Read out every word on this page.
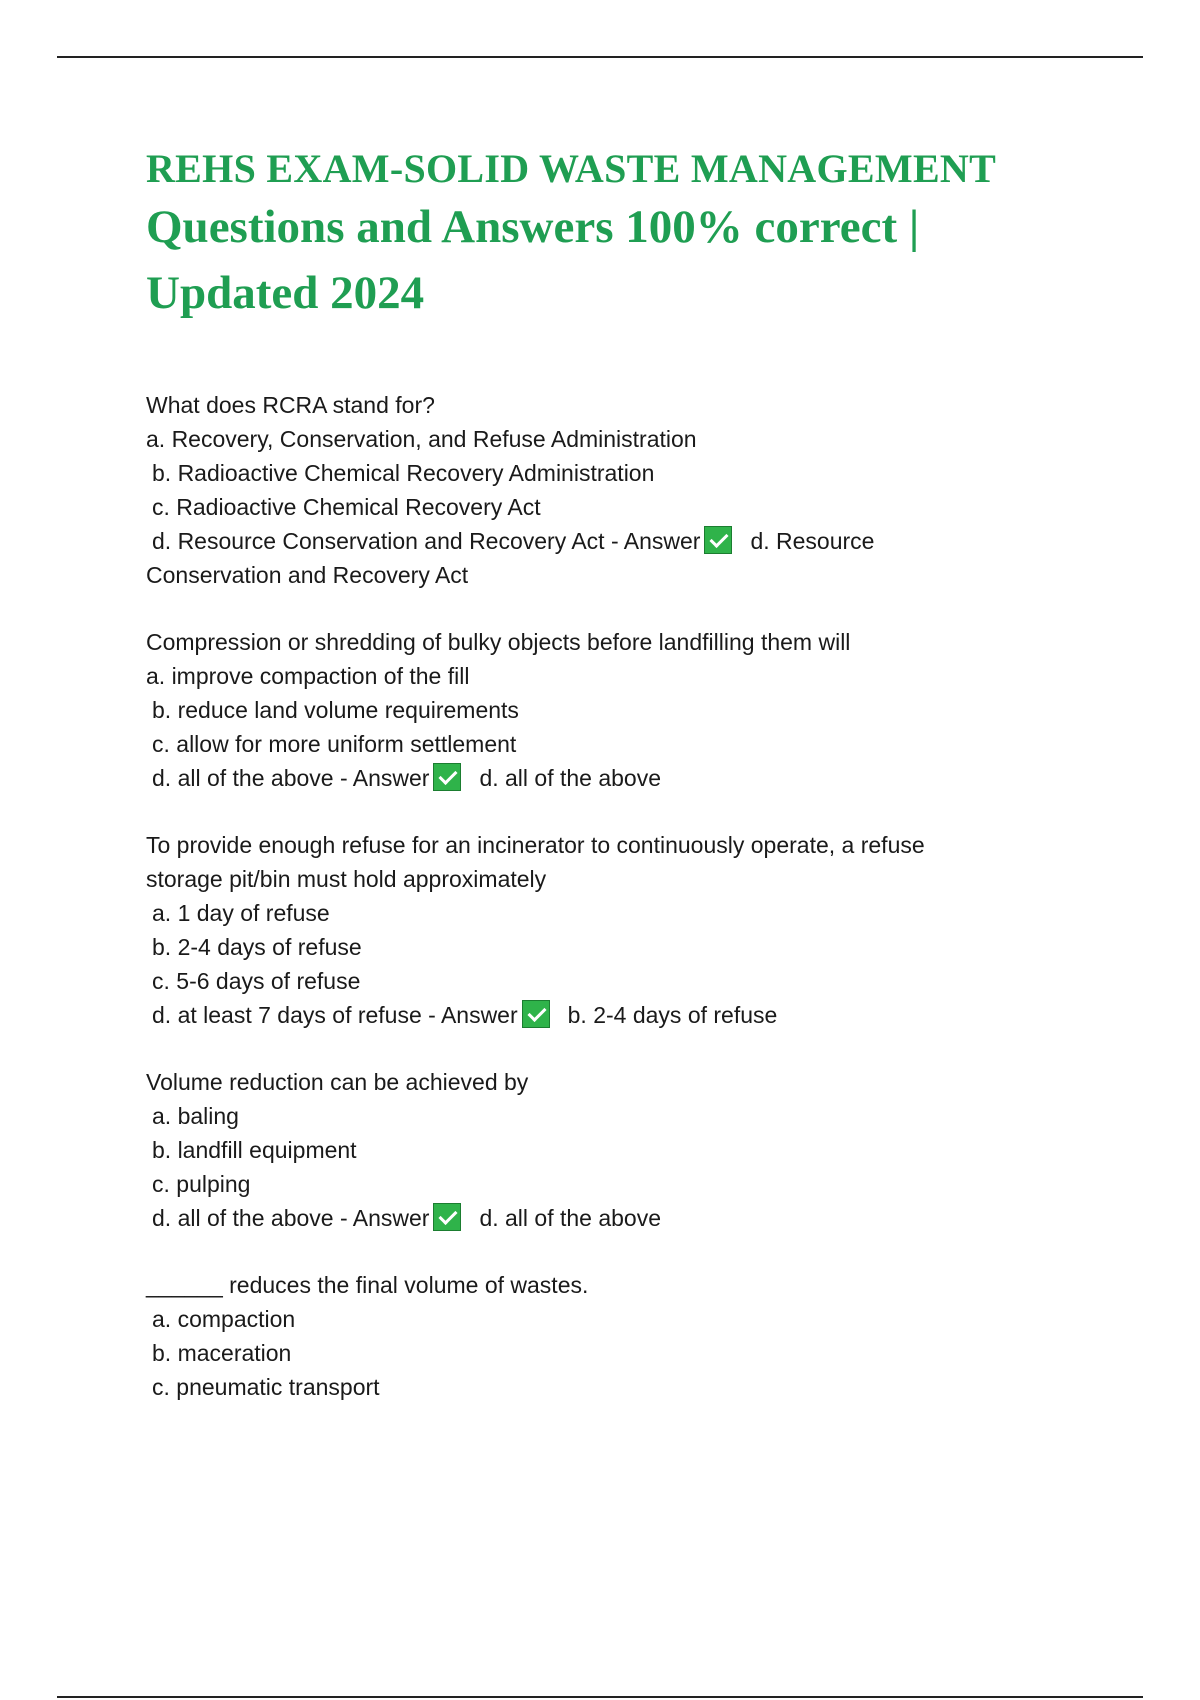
REHS EXAM-SOLID WASTE MANAGEMENT
Questions and Answers 100% correct |
Updated 2024

What does RCRA stand for?

a. Recovery, Conservation, and Refuse Administration

b. Radioactive Chemical Recovery Administration

c. Radioactive Chemical Recovery Act

d. Resource Conservation and Recovery Act - Answer d. Resource

Conservation and Recovery Act

Compression or shredding of bulky objects before landfilling them will

a. improve compaction of the fill

b. reduce land volume requirements

c. allow for more uniform settlement

d. all of the above - Answer d. all of the above

To provide enough refuse for an incinerator to continuously operate, a refuse

storage pit/bin must hold approximately

a. 1 day of refuse

b. 2-4 days of refuse

c. 5-6 days of refuse

d. at least 7 days of refuse - Answer b. 2-4 days of refuse

Volume reduction can be achieved by

a. baling

b. landfill equipment

c. pulping

d. all of the above - Answer d. all of the above

______ reduces the final volume of wastes.

a. compaction

b. maceration

c. pneumatic transport
